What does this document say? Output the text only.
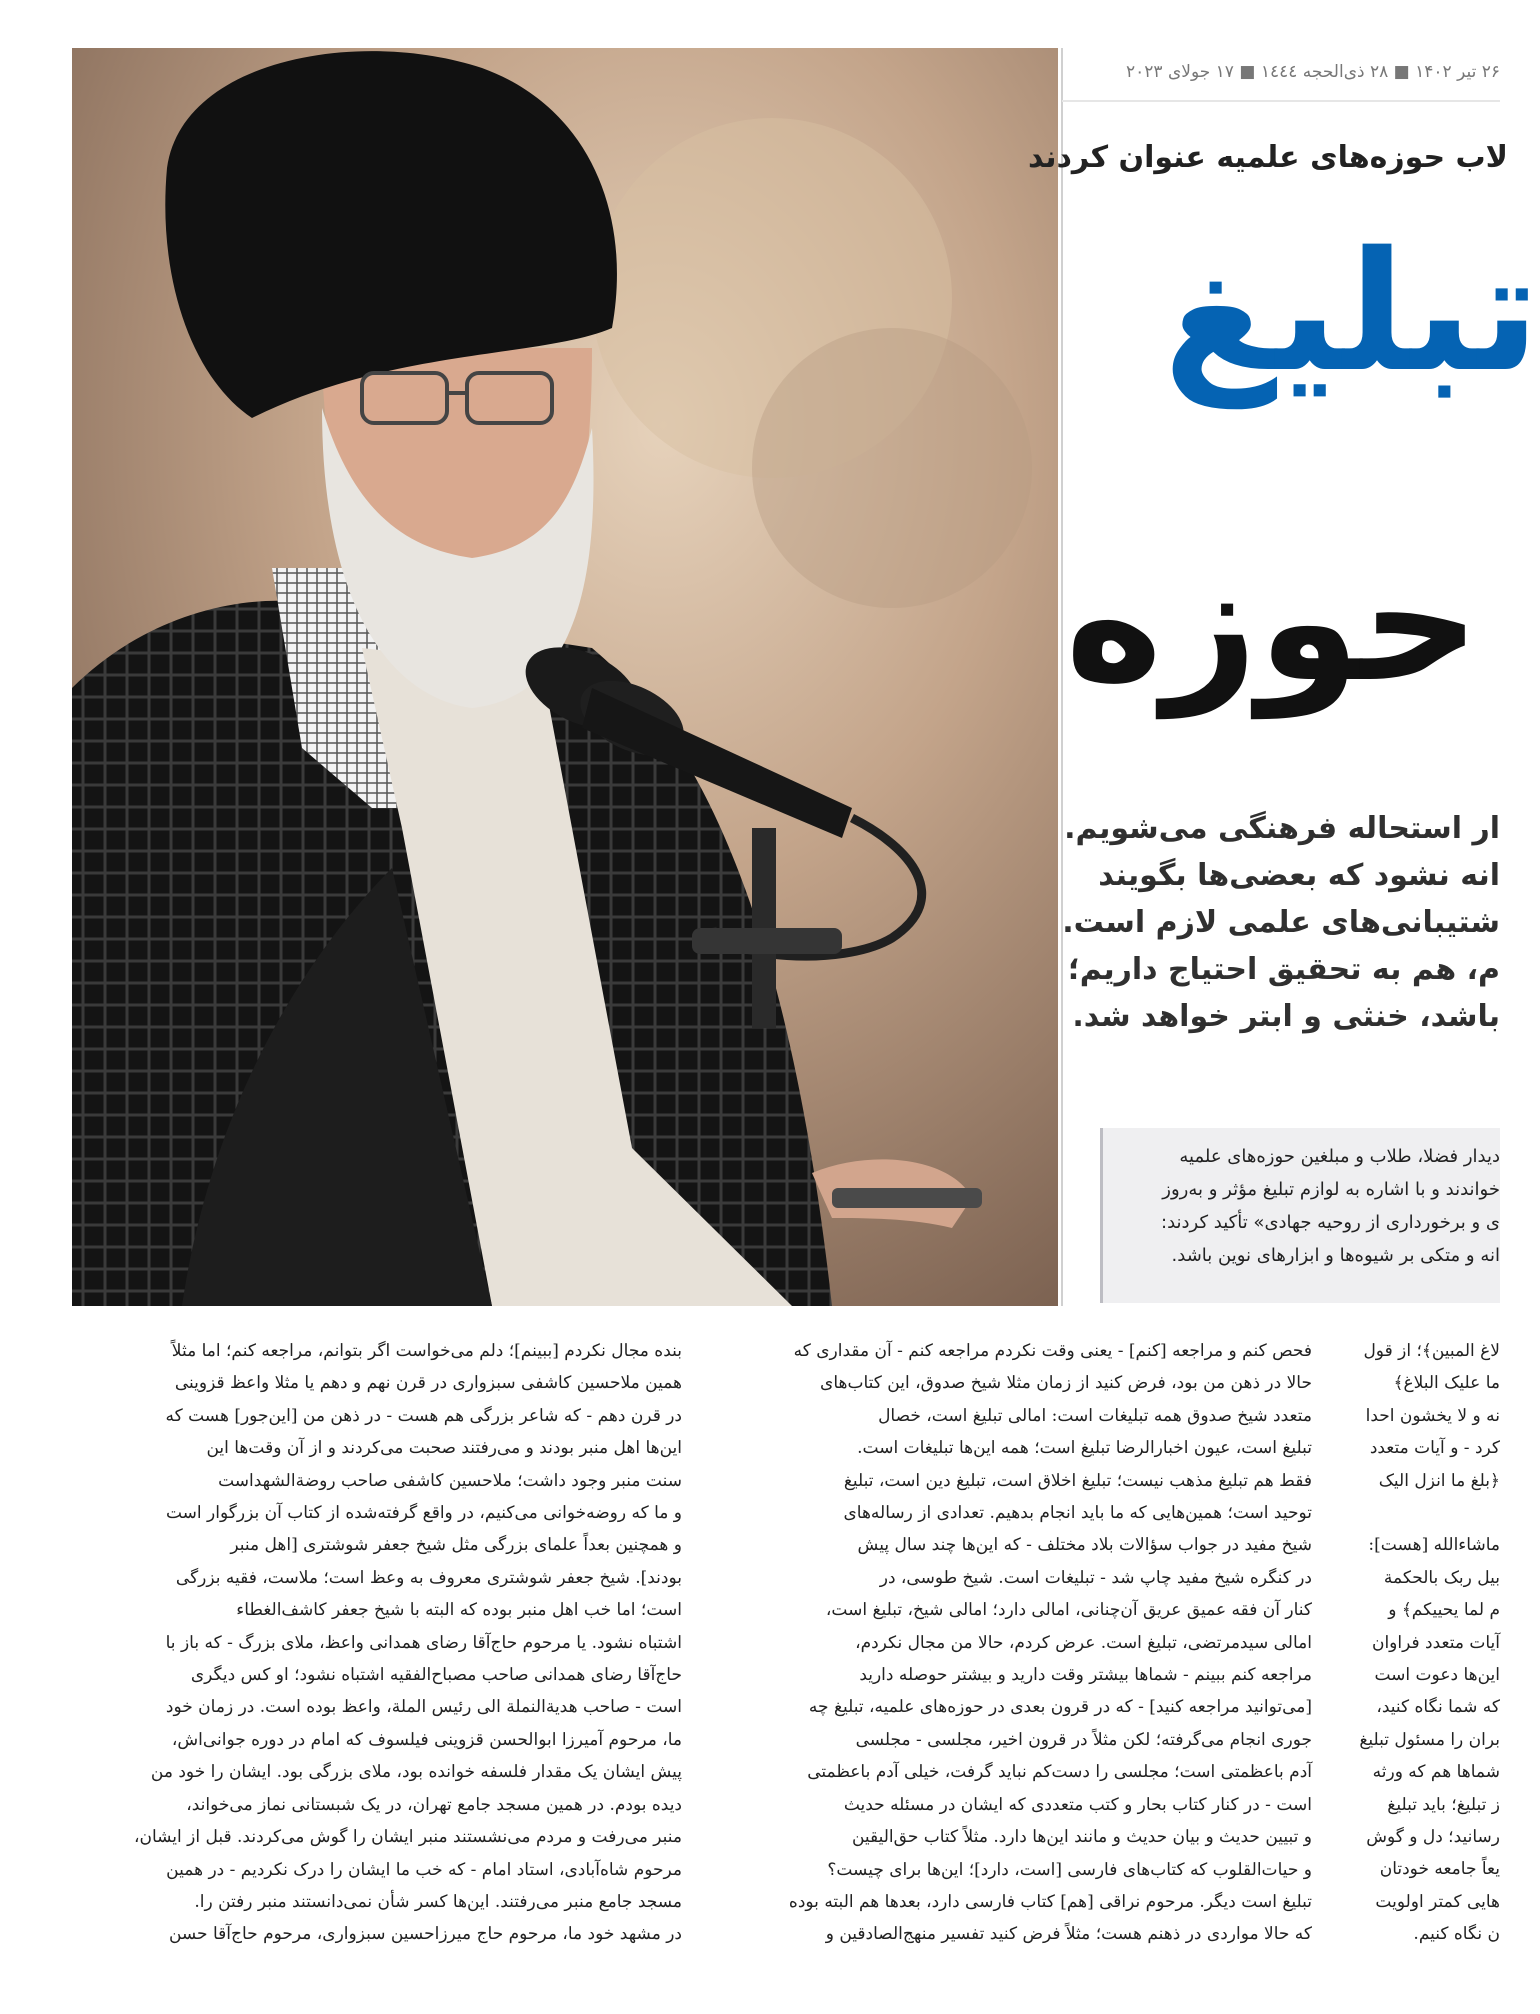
۲۶ تیر ۱۴۰۲ ■ ۲۸ ذی‌الحجه ۱٤٤٤ ■ ۱۷ جولای ۲۰۲۳
لاب حوزه‌های علمیه عنوان کردند
تبلیغ
حوزه
ار استحاله فرهنگی می‌شویم.
انه نشود که بعضی‌ها بگویند
شتیبانی‌های علمی لازم است.
م، هم به تحقیق احتیاج داریم؛
باشد، خنثی و ابتر خواهد شد.
دیدار فضلا، طلاب و مبلغین حوزه‌های علمیه
خواندند و با اشاره به لوازم تبلیغ مؤثر و به‌روز
ی و برخورداری از روحیه جهادی» تأکید کردند:
انه و متکی بر شیوه‌ها و ابزارهای نوین باشد.
بنده مجال نکردم [ببینم]؛ دلم می‌خواست اگر بتوانم، مراجعه کنم؛ اما مثلاً
همین ملاحسین کاشفی سبزواری در قرن نهم و دهم یا مثلا واعظ قزوینی
در قرن دهم - که شاعر بزرگی هم هست - در ذهن من [این‌جور] هست که
این‌ها اهل منبر بودند و می‌رفتند صحبت می‌کردند و از آن وقت‌ها این
سنت منبر وجود داشت؛ ملاحسین کاشفی صاحب روضة‌الشهداست
و ما که روضه‌خوانی می‌کنیم، در واقع گرفته‌شده از کتاب آن بزرگوار است
و همچنین بعداً علمای بزرگی مثل شیخ جعفر شوشتری [اهل منبر
بودند]. شیخ جعفر شوشتری معروف به وعظ است؛ ملاست، فقیه بزرگی
است؛ اما خب اهل منبر بوده که البته با شیخ جعفر کاشف‌الغطاء
اشتباه نشود. یا مرحوم حاج‌آقا رضای همدانی واعظ، ملای بزرگ - که باز با
حاج‌آقا رضای همدانی صاحب مصباح‌الفقیه اشتباه نشود؛ او کس دیگری
است - صاحب هدیة‌النملة الی رئیس الملة، واعظ بوده است. در زمان خود
ما، مرحوم آمیرزا ابوالحسن قزوینی فیلسوف که امام در دوره جوانی‌اش،
پیش ایشان یک مقدار فلسفه خوانده بود، ملای بزرگی بود. ایشان را خود من
دیده بودم. در همین مسجد جامع تهران، در یک شبستانی نماز می‌خواند،
منبر می‌رفت و مردم می‌نشستند منبر ایشان را گوش می‌کردند. قبل از ایشان،
مرحوم شاه‌آبادی، استاد امام - که خب ما ایشان را درک نکردیم - در همین
مسجد جامع منبر می‌رفتند. این‌ها کسر شأن نمی‌دانستند منبر رفتن را.
در مشهد خود ما، مرحوم حاج میرزاحسین سبزواری، مرحوم حاج‌آقا حسن
فحص کنم و مراجعه [کنم] - یعنی وقت نکردم مراجعه کنم - آن مقداری که
حالا در ذهن من بود، فرض کنید از زمان مثلا شیخ صدوق، این کتاب‌های
متعدد شیخ صدوق همه تبلیغات است: امالی تبلیغ است، خصال
تبلیغ است، عیون اخبارالرضا تبلیغ است؛ همه این‌ها تبلیغات است.
فقط هم تبلیغ مذهب نیست؛ تبلیغ اخلاق است، تبلیغ دین است، تبلیغ
توحید است؛ همین‌هایی که ما باید انجام بدهیم. تعدادی از رساله‌های
شیخ مفید در جواب سؤالات بلاد مختلف - که این‌ها چند سال پیش
در کنگره شیخ مفید چاپ شد - تبلیغات است. شیخ طوسی، در
کنار آن فقه عمیق عریق آن‌چنانی، امالی دارد؛ امالی شیخ، تبلیغ است،
امالی سیدمرتضی، تبلیغ است. عرض کردم، حالا من مجال نکردم،
مراجعه کنم ببینم - شماها بیشتر وقت دارید و بیشتر حوصله دارید
[می‌توانید مراجعه کنید] - که در قرون بعدی در حوزه‌های علمیه، تبلیغ چه
جوری انجام می‌گرفته؛ لکن مثلاً در قرون اخیر، مجلسی - مجلسی
آدم باعظمتی است؛ مجلسی را دست‌کم نباید گرفت، خیلی آدم باعظمتی
است - در کنار کتاب بحار و کتب متعددی که ایشان در مسئله حدیث
و تبیین حدیث و بیان حدیث و مانند این‌ها دارد. مثلاً کتاب حق‌الیقین
و حیات‌القلوب که کتاب‌های فارسی [است، دارد]؛ این‌ها برای چیست؟
تبلیغ است دیگر. مرحوم نراقی [هم] کتاب فارسی دارد، بعدها هم البته بوده
که حالا مواردی در ذهنم هست؛ مثلاً فرض کنید تفسیر منهج‌الصادقین و
لاغ المبین﴾؛ از قول
ما علیک البلاغ﴾
نه و لا یخشون احدا
کرد - و آیات متعدد
﴿بلغ ما انزل الیک
ماشاءالله [هست]:
بیل ربک بالحکمة
م لما یحییکم﴾ و
آیات متعدد فراوان
این‌ها دعوت است
که شما نگاه کنید،
بران را مسئول تبلیغ
شماها هم که ورثه
ز تبلیغ؛ باید تبلیغ
رسانید؛ دل و گوش
یعاً جامعه خودتان
هایی کمتر اولویت
ن نگاه کنیم.
